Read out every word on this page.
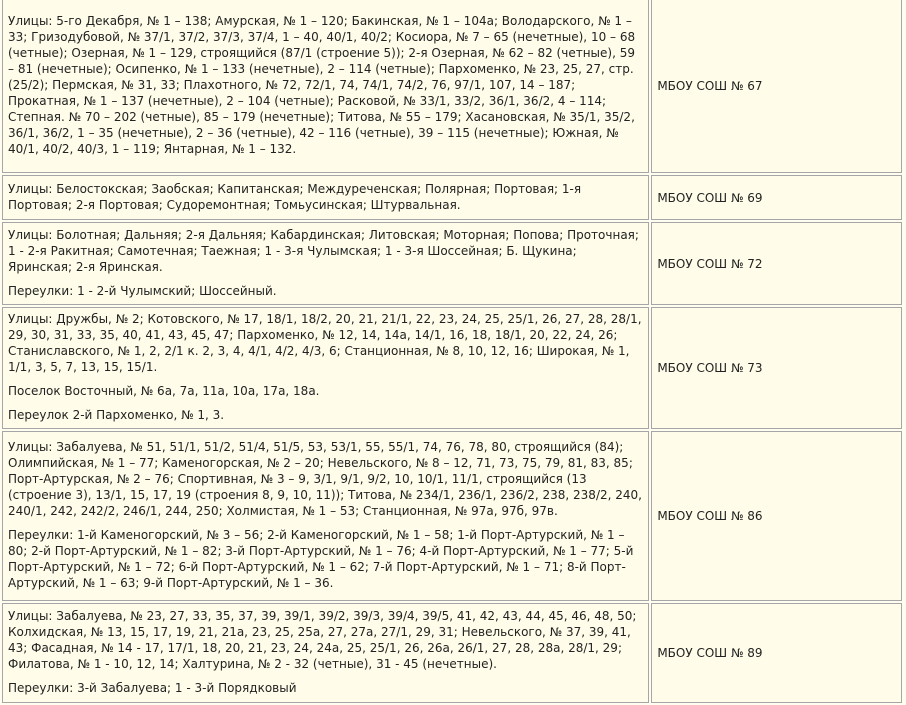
Улицы: 5-го Декабря, № 1 – 138; Амурская, № 1 – 120; Бакинская, № 1 – 104а; Володарского, № 1 – 33; Гризодубовой, № 37/1, 37/2, 37/3, 37/4, 1 – 40, 40/1, 40/2; Косиора, № 7 – 65 (нечетные), 10 – 68 (четные); Озерная, № 1 – 129, строящийся (87/1 (строение 5)); 2-я Озерная, № 62 – 82 (четные), 59 – 81 (нечетные); Осипенко, № 1 – 133 (нечетные), 2 – 114 (четные); Пархоменко, № 23, 25, 27, стр. (25/2); Пермская, № 31, 33; Плахотного, № 72, 72/1, 74, 74/1, 74/2, 76, 97/1, 107, 14 – 187; Прокатная, № 1 – 137 (нечетные), 2 – 104 (четные); Расковой, № 33/1, 33/2, 36/1, 36/2, 4 – 114; Степная. № 70 – 202 (четные), 85 – 179 (нечетные); Титова, № 55 – 179; Хасановская, № 35/1, 35/2, 36/1, 36/2, 1 – 35 (нечетные), 2 – 36 (четные), 42 – 116 (четные), 39 – 115 (нечетные); Южная, № 40/1, 40/2, 40/3, 1 – 119; Янтарная, № 1 – 132.	МБОУ СОШ № 67

Улицы: Белостокская; Заобская; Капитанская; Междуреченская; Полярная; Портовая; 1-я Портовая; 2-я Портовая; Судоремонтная; Томьусинская; Штурвальная.	МБОУ СОШ № 69

Улицы: Болотная; Дальняя; 2-я Дальняя; Кабардинская; Литовская; Моторная; Попова; Проточная; 1 - 2-я Ракитная; Самотечная; Таежная; 1 - 3-я Чулымская; 1 - 3-я Шоссейная; Б. Щукина; Яринская; 2-я Яринская.

Переулки: 1 - 2-й Чулымский; Шоссейный.	МБОУ СОШ № 72

Улицы: Дружбы, № 2; Котовского, № 17, 18/1, 18/2, 20, 21, 21/1, 22, 23, 24, 25, 25/1, 26, 27, 28, 28/1, 29, 30, 31, 33, 35, 40, 41, 43, 45, 47; Пархоменко, № 12, 14, 14а, 14/1, 16, 18, 18/1, 20, 22, 24, 26; Станиславского, № 1, 2, 2/1 к. 2, 3, 4, 4/1, 4/2, 4/3, 6; Станционная, № 8, 10, 12, 16; Широкая, № 1, 1/1, 3, 5, 7, 13, 15, 15/1.

Поселок Восточный, № 6а, 7а, 11а, 10а, 17а, 18а.

Переулок 2-й Пархоменко, № 1, 3.	МБОУ СОШ № 73

Улицы: Забалуева, № 51, 51/1, 51/2, 51/4, 51/5, 53, 53/1, 55, 55/1, 74, 76, 78, 80, строящийся (84); Олимпийская, № 1 – 77; Каменогорская, № 2 – 20; Невельского, № 8 – 12, 71, 73, 75, 79, 81, 83, 85; Порт-Артурская, № 2 – 76; Спортивная, № 3 – 9, 3/1, 9/1, 9/2, 10, 10/1, 11/1, строящийся (13 (строение 3), 13/1, 15, 17, 19 (строения 8, 9, 10, 11)); Титова, № 234/1, 236/1, 236/2, 238, 238/2, 240, 240/1, 242, 242/2, 246/1, 244, 250; Холмистая, № 1 – 53; Станционная, № 97а, 97б, 97в.

Переулки: 1-й Каменогорский, № 3 – 56; 2-й Каменогорский, № 1 – 58; 1-й Порт-Артурский, № 1 – 80; 2-й Порт-Артурский, № 1 – 82; 3-й Порт-Артурский, № 1 – 76; 4-й Порт-Артурский, № 1 – 77; 5-й Порт-Артурский, № 1 – 72; 6-й Порт-Артурский, № 1 – 62; 7-й Порт-Артурский, № 1 – 71; 8-й Порт-Артурский, № 1 – 63; 9-й Порт-Артурский, № 1 – 36.	МБОУ СОШ № 86

Улицы: Забалуева, № 23, 27, 33, 35, 37, 39, 39/1, 39/2, 39/3, 39/4, 39/5, 41, 42, 43, 44, 45, 46, 48, 50; Колхидская, № 13, 15, 17, 19, 21, 21а, 23, 25, 25а, 27, 27а, 27/1, 29, 31; Невельского, № 37, 39, 41, 43; Фасадная, № 14 - 17, 17/1, 18, 20, 21, 23, 24, 24а, 25, 25/1, 26, 26а, 26/1, 27, 28, 28а, 28/1, 29; Филатова, № 1 - 10, 12, 14; Халтурина, № 2 - 32 (четные), 31 - 45 (нечетные).

Переулки: 3-й Забалуева; 1 - 3-й Порядковый	МБОУ СОШ № 89
